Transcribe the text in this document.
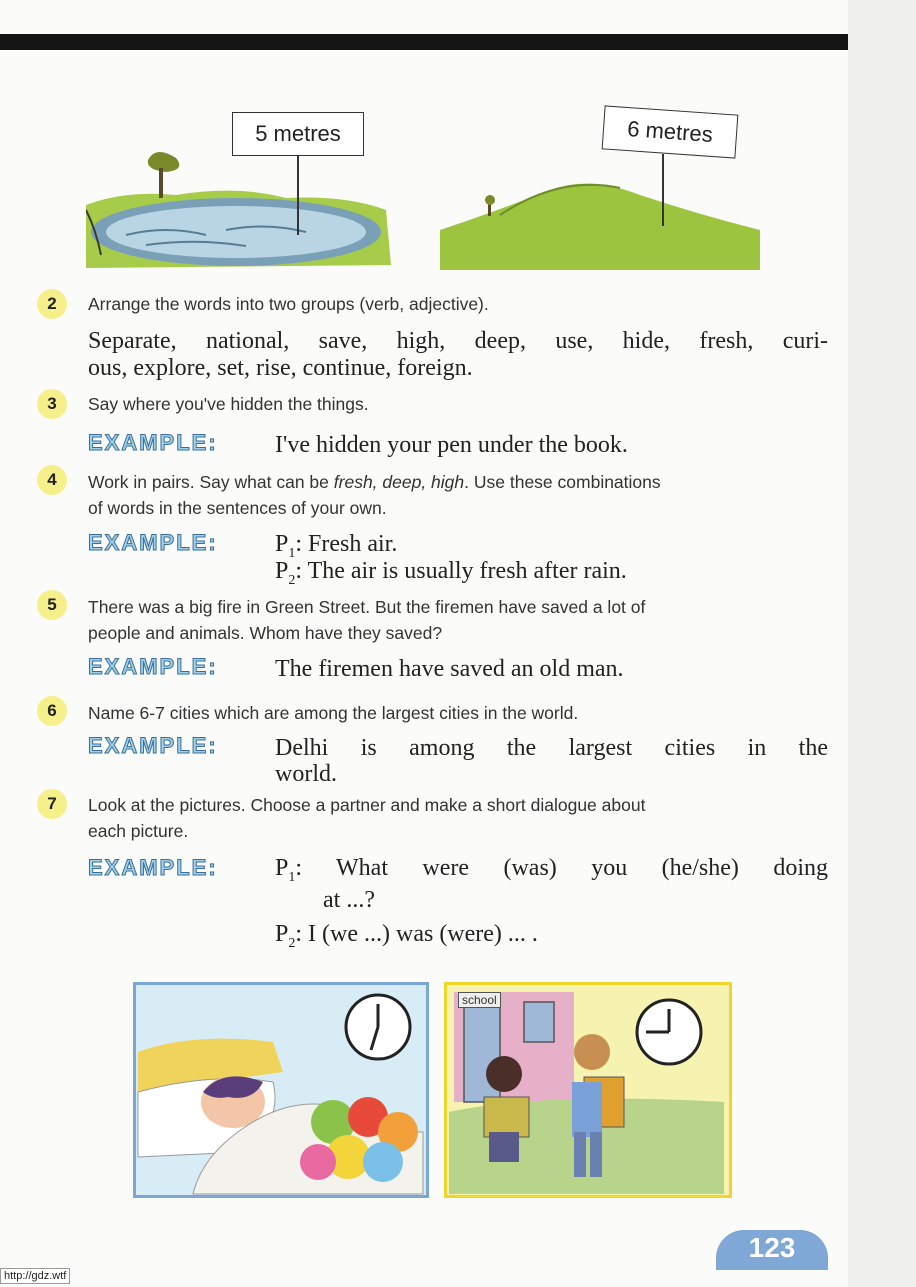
5 metres	6 metres
2	Arrange the words into two groups (verb, adjective).
Separate, national, save, high, deep, use, hide, fresh, curi-
ous, explore, set, rise, continue, foreign.
3	Say where you've hidden the things.
EXAMPLE: I've hidden your pen under the book.
4	Work in pairs. Say what can be fresh, deep, high. Use these combinations
of words in the sentences of your own.
EXAMPLE: $P_1$: Fresh air.
$P_2$: The air is usually fresh after rain.
5	There was a big fire in Green Street. But the firemen have saved a lot of
people and animals. Whom have they saved?
EXAMPLE: The firemen have saved an old man.
6	Name 6-7 cities which are among the largest cities in the world.
EXAMPLE: Delhi is among the largest cities in the
world.
7	Look at the pictures. Choose a partner and make a short dialogue about
each picture.
EXAMPLE: $P_1$: What were (was) you (he/she) doing
at ...?
$P_2$: I (we ...) was (were) ... .
school
123
http://gdz.wtf
